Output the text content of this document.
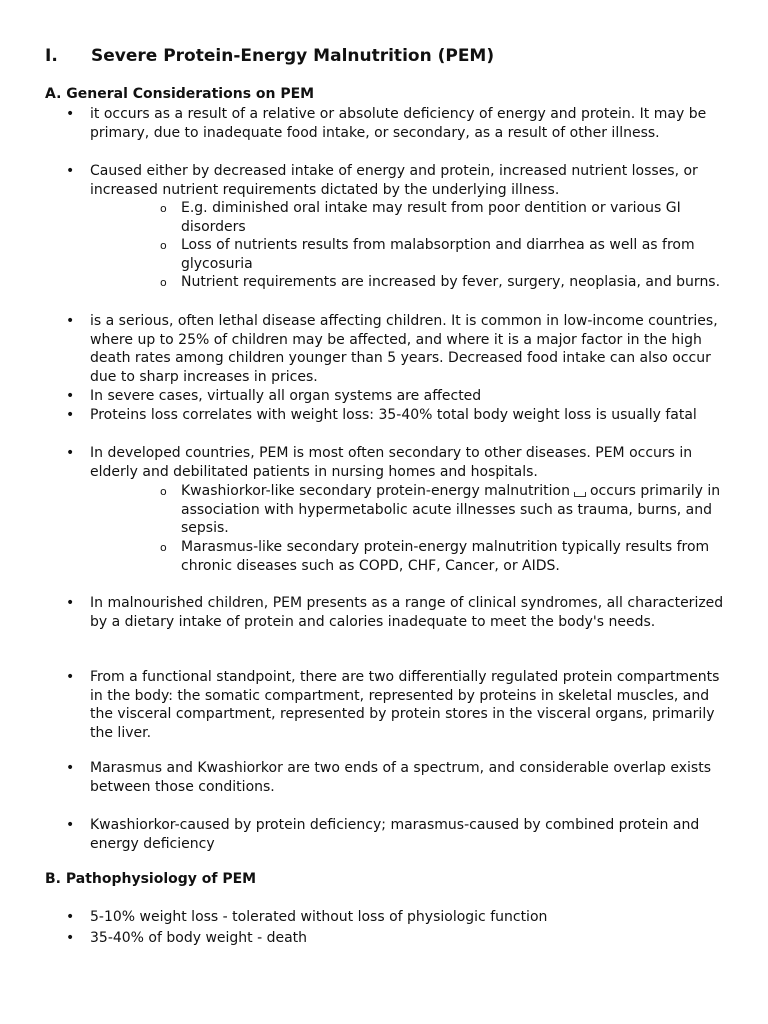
I. Severe Protein-Energy Malnutrition (PEM)
A. General Considerations on PEM
• it occurs as a result of a relative or absolute deficiency of energy and protein. It may be primary, due to inadequate food intake, or secondary, as a result of other illness.
• Caused either by decreased intake of energy and protein, increased nutrient losses, or increased nutrient requirements dictated by the underlying illness.
o E.g. diminished oral intake may result from poor dentition or various GI disorders
o Loss of nutrients results from malabsorption and diarrhea as well as from glycosuria
o Nutrient requirements are increased by fever, surgery, neoplasia, and burns.
• is a serious, often lethal disease affecting children. It is common in low-income countries, where up to 25% of children may be affected, and where it is a major factor in the high death rates among children younger than 5 years. Decreased food intake can also occur due to sharp increases in prices.
• In severe cases, virtually all organ systems are affected
• Proteins loss correlates with weight loss: 35-40% total body weight loss is usually fatal
• In developed countries, PEM is most often secondary to other diseases. PEM occurs in elderly and debilitated patients in nursing homes and hospitals.
o Kwashiorkor-like secondary protein-energy malnutrition occurs primarily in association with hypermetabolic acute illnesses such as trauma, burns, and sepsis.
o Marasmus-like secondary protein-energy malnutrition typically results from chronic diseases such as COPD, CHF, Cancer, or AIDS.
• In malnourished children, PEM presents as a range of clinical syndromes, all characterized by a dietary intake of protein and calories inadequate to meet the body's needs.
• From a functional standpoint, there are two differentially regulated protein compartments in the body: the somatic compartment, represented by proteins in skeletal muscles, and the visceral compartment, represented by protein stores in the visceral organs, primarily the liver.
• Marasmus and Kwashiorkor are two ends of a spectrum, and considerable overlap exists between those conditions.
• Kwashiorkor-caused by protein deficiency; marasmus-caused by combined protein and energy deficiency
B. Pathophysiology of PEM
• 5-10% weight loss - tolerated without loss of physiologic function
• 35-40% of body weight - death
